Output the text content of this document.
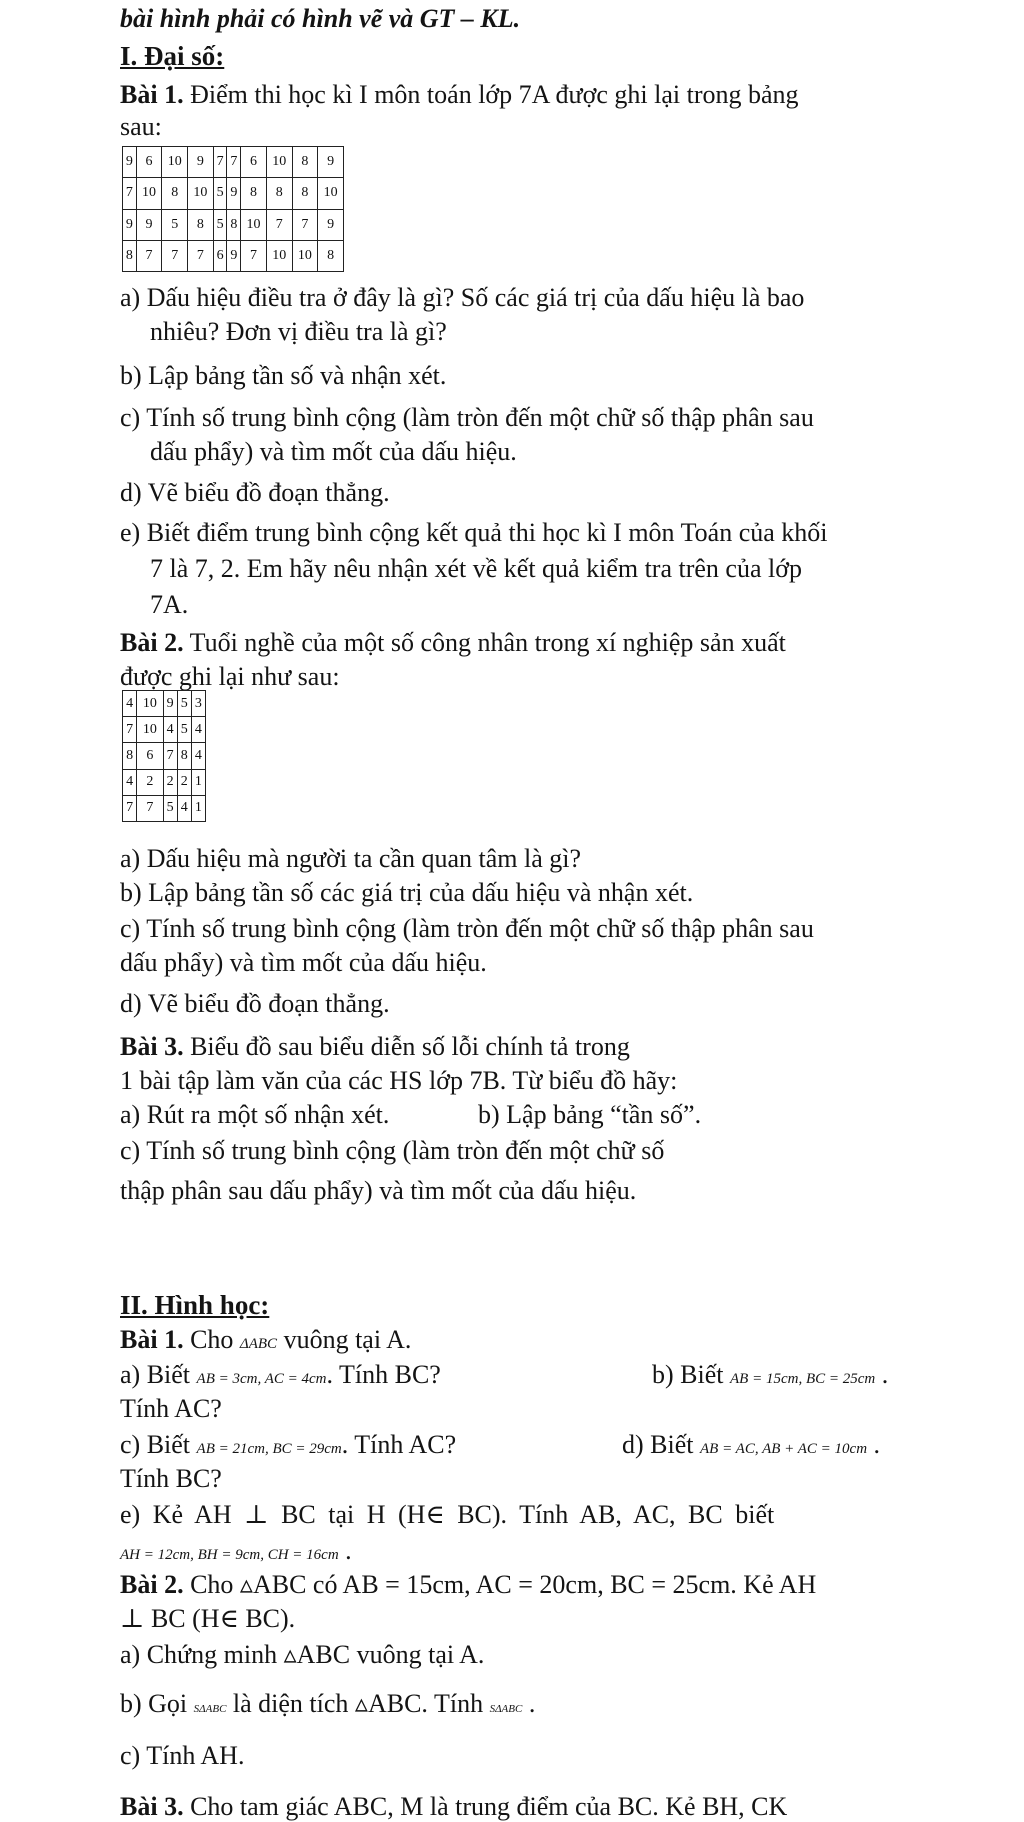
bài hình phải có hình vẽ và GT – KL.
I. Đại số:
Bài 1. Điểm thi học kì I môn toán lớp 7A được ghi lại trong bảng
sau:
9	6	10	9	7	7	6	10	8	9
7	10	8	10	5	9	8	8	8	10
9	9	5	8	5	8	10	7	7	9
8	7	7	7	6	9	7	10	10	8
a) Dấu hiệu điều tra ở đây là gì? Số các giá trị của dấu hiệu là bao
nhiêu? Đơn vị điều tra là gì?
b) Lập bảng tần số và nhận xét.
c) Tính số trung bình cộng (làm tròn đến một chữ số thập phân sau
dấu phẩy) và tìm mốt của dấu hiệu.
d) Vẽ biểu đồ đoạn thẳng.
e) Biết điểm trung bình cộng kết quả thi học kì I môn Toán của khối
7 là 7, 2. Em hãy nêu nhận xét về kết quả kiểm tra trên của lớp
7A.
Bài 2. Tuổi nghề của một số công nhân trong xí nghiệp sản xuất
được ghi lại như sau:
4	10	9	5	3
7	10	4	5	4
8	6	7	8	4
4	2	2	2	1
7	7	5	4	1
a) Dấu hiệu mà người ta cần quan tâm là gì?
b) Lập bảng tần số các giá trị của dấu hiệu và nhận xét.
c) Tính số trung bình cộng (làm tròn đến một chữ số thập phân sau
dấu phẩy) và tìm mốt của dấu hiệu.
d) Vẽ biểu đồ đoạn thẳng.
Bài 3. Biểu đồ sau biểu diễn số lỗi chính tả trong
1 bài tập làm văn của các HS lớp 7B. Từ biểu đồ hãy:
a) Rút ra một số nhận xét.	b) Lập bảng “tần số”.
c) Tính số trung bình cộng (làm tròn đến một chữ số
thập phân sau dấu phẩy) và tìm mốt của dấu hiệu.
II. Hình học:
Bài 1. Cho ΔABC vuông tại A.
a) Biết AB = 3cm, AC = 4cm. Tính BC?	b) Biết AB = 15cm, BC = 25cm .
Tính AC?
c) Biết AB = 21cm, BC = 29cm. Tính AC?	d) Biết AB = AC, AB + AC = 10cm .
Tính BC?
e) Kẻ AH ⊥ BC tại H (H∈ BC). Tính AB, AC, BC biết
AH = 12cm, BH = 9cm, CH = 16cm .
Bài 2. Cho ▵ABC có AB = 15cm, AC = 20cm, BC = 25cm. Kẻ AH
⊥ BC (H∈ BC).
a) Chứng minh ▵ABC vuông tại A.
b) Gọi SΔABC là diện tích ▵ABC. Tính SΔABC .
c) Tính AH.
Bài 3. Cho tam giác ABC, M là trung điểm của BC. Kẻ BH, CK
